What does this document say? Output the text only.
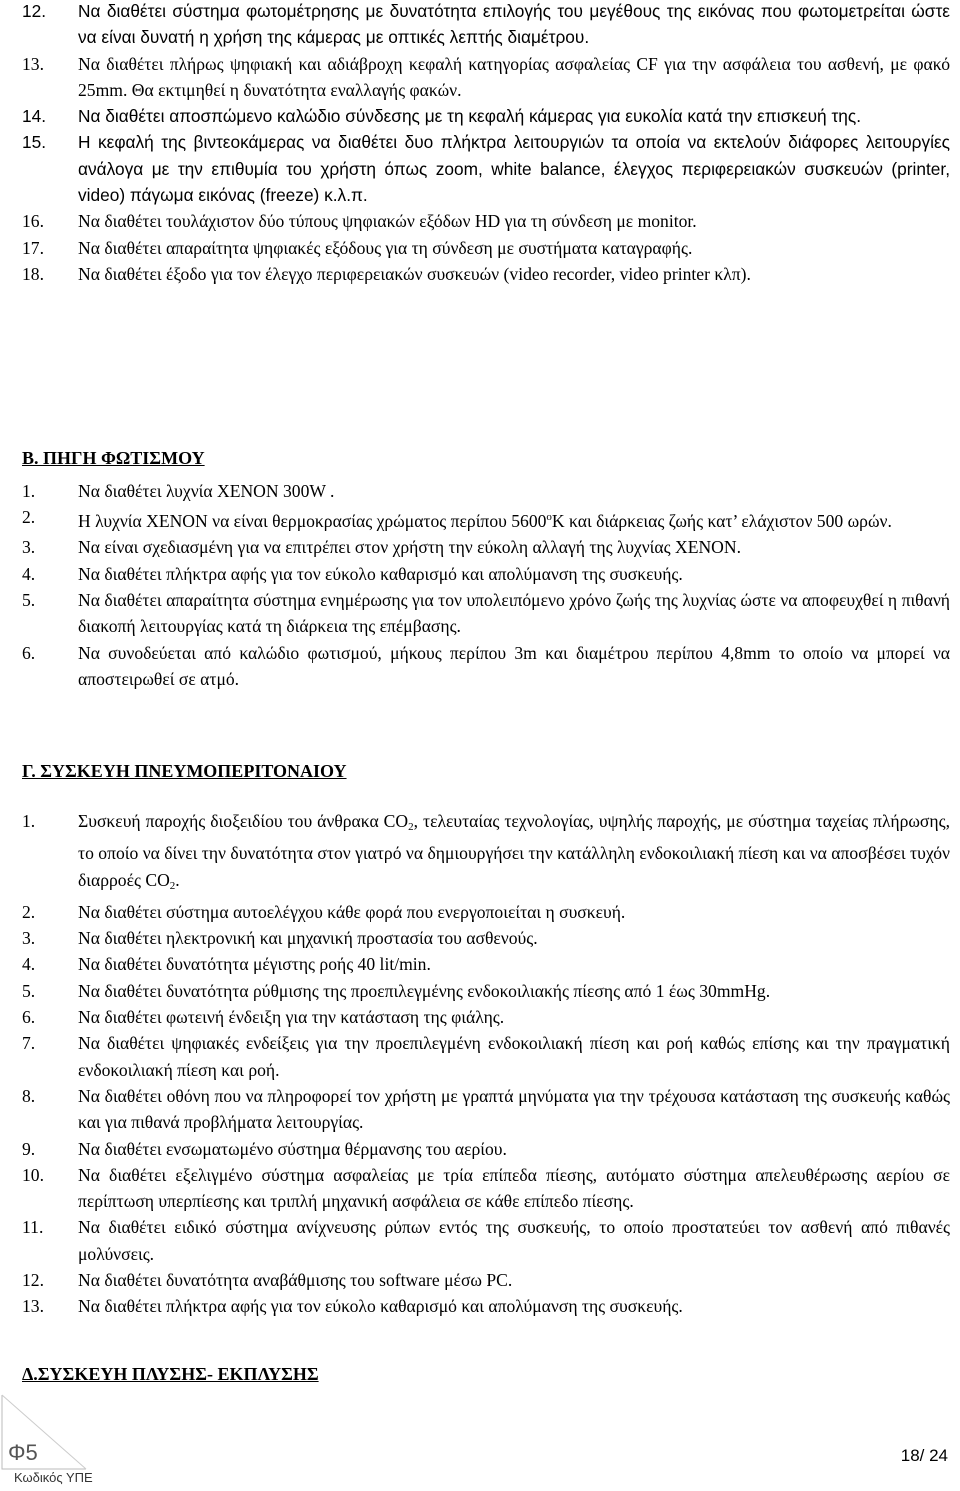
12. Να διαθέτει σύστημα φωτομέτρησης με δυνατότητα επιλογής του μεγέθους της εικόνας που φωτομετρείται ώστε να είναι δυνατή η χρήση της κάμερας με οπτικές λεπτής διαμέτρου.
13. Να διαθέτει πλήρως ψηφιακή και αδιάβροχη κεφαλή κατηγορίας ασφαλείας CF για την ασφάλεια του ασθενή, με φακό 25mm. Θα εκτιμηθεί η δυνατότητα εναλλαγής φακών.
14. Να διαθέτει αποσπώμενο καλώδιο σύνδεσης με τη κεφαλή κάμερας για ευκολία κατά την επισκευή της.
15. Η κεφαλή της βιντεοκάμερας να διαθέτει δυο πλήκτρα λειτουργιών τα οποία να εκτελούν διάφορες λειτουργίες ανάλογα με την επιθυμία του χρήστη όπως zoom, white balance, έλεγχος περιφερειακών συσκευών (printer, video) πάγωμα εικόνας (freeze) κ.λ.π.
16. Να διαθέτει τουλάχιστον δύο τύπους ψηφιακών εξόδων HD για τη σύνδεση με monitor.
17. Να διαθέτει απαραίτητα ψηφιακές εξόδους για τη σύνδεση με συστήματα καταγραφής.
18. Να διαθέτει έξοδο για τον έλεγχο περιφερειακών συσκευών (video recorder, video printer κλπ).
Β. ΠΗΓΗ ΦΩΤΙΣΜΟΥ
1. Να διαθέτει λυχνία XENON 300W .
2. Η λυχνία XENON να είναι θερμοκρασίας χρώματος περίπου $5600^oK$ και διάρκειας ζωής κατ’ ελάχιστον 500 ωρών.
3. Να είναι σχεδιασμένη για να επιτρέπει στον χρήστη την εύκολη αλλαγή της λυχνίας XENON.
4. Να διαθέτει πλήκτρα αφής για τον εύκολο καθαρισμό και απολύμανση της συσκευής.
5. Να διαθέτει απαραίτητα σύστημα ενημέρωσης για τον υπολειπόμενο χρόνο ζωής της λυχνίας ώστε να αποφευχθεί η πιθανή διακοπή λειτουργίας κατά τη διάρκεια της επέμβασης.
6. Να συνοδεύεται από καλώδιο φωτισμού, μήκους περίπου 3m και διαμέτρου περίπου 4,8mm το οποίο να μπορεί να αποστειρωθεί σε ατμό.
Γ. ΣΥΣΚΕΥΗ ΠΝΕΥΜΟΠΕΡΙΤΟΝΑΙΟΥ
1. Συσκευή παροχής διοξειδίου του άνθρακα $CO_2$, τελευταίας τεχνολογίας, υψηλής παροχής, με σύστημα ταχείας πλήρωσης, το οποίο να δίνει την δυνατότητα στον γιατρό να δημιουργήσει την κατάλληλη ενδοκοιλιακή πίεση και να αποσβέσει τυχόν διαρροές $CO_2$.
2. Να διαθέτει σύστημα αυτοελέγχου κάθε φορά που ενεργοποιείται η συσκευή.
3. Να διαθέτει ηλεκτρονική και μηχανική προστασία του ασθενούς.
4. Να διαθέτει δυνατότητα μέγιστης ροής 40 lit/min.
5. Να διαθέτει δυνατότητα ρύθμισης της προεπιλεγμένης ενδοκοιλιακής πίεσης από 1 έως 30mmHg.
6. Να διαθέτει φωτεινή ένδειξη για την κατάσταση της φιάλης.
7. Να διαθέτει ψηφιακές ενδείξεις για την προεπιλεγμένη ενδοκοιλιακή πίεση και ροή καθώς επίσης και την πραγματική ενδοκοιλιακή πίεση και ροή.
8. Να διαθέτει οθόνη που να πληροφορεί τον χρήστη με γραπτά μηνύματα για την τρέχουσα κατάσταση της συσκευής καθώς και για πιθανά προβλήματα λειτουργίας.
9. Να διαθέτει ενσωματωμένο σύστημα θέρμανσης του αερίου.
10. Να διαθέτει εξελιγμένο σύστημα ασφαλείας με τρία επίπεδα πίεσης, αυτόματο σύστημα απελευθέρωσης αερίου σε περίπτωση υπερπίεσης και τριπλή μηχανική ασφάλεια σε κάθε επίπεδο πίεσης.
11. Να διαθέτει ειδικό σύστημα ανίχνευσης ρύπων εντός της συσκευής, το οποίο προστατεύει τον ασθενή από πιθανές μολύνσεις.
12. Να διαθέτει δυνατότητα αναβάθμισης του software μέσω PC.
13. Να διαθέτει πλήκτρα αφής για τον εύκολο καθαρισμό και απολύμανση της συσκευής.
Δ.ΣΥΣΚΕΥΗ ΠΛΥΣΗΣ- ΕΚΠΛΥΣΗΣ
Φ5
Κωδικός ΥΠΕ
18/ 24
